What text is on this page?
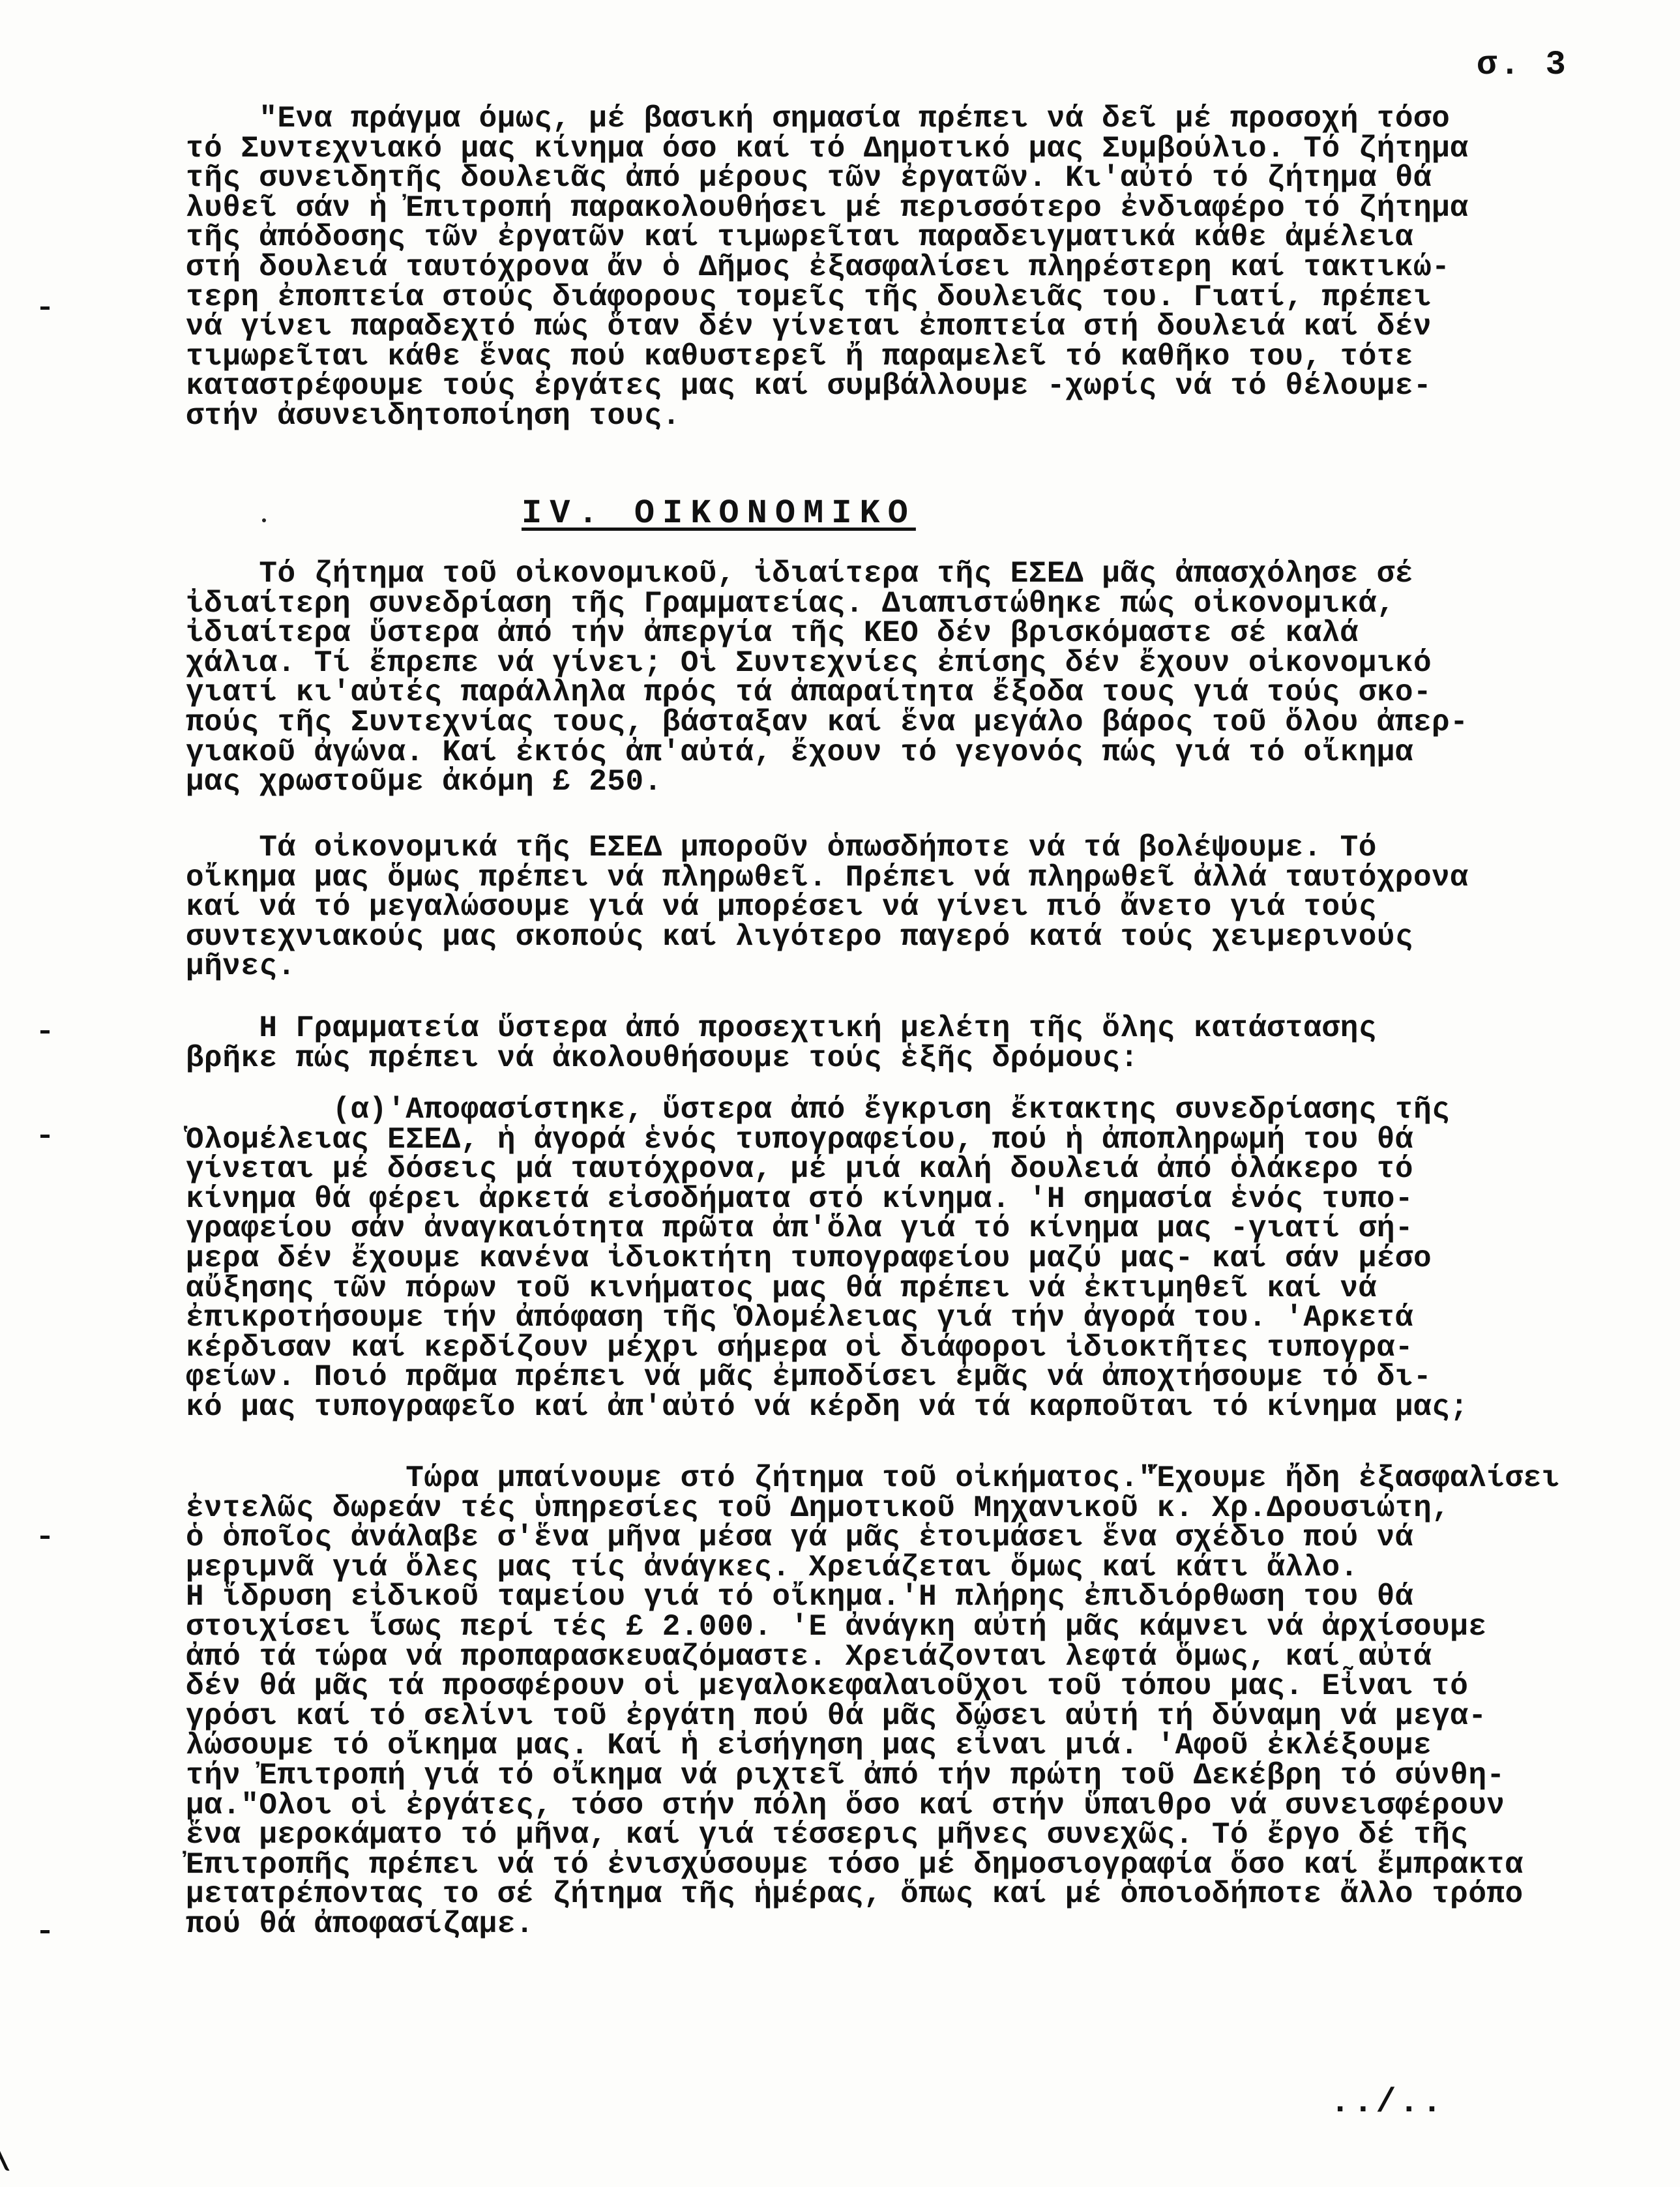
σ. 3
"Ενα πράγμα όμως, μέ βασική σημασία πρέπει νά δεῖ μέ προσοχή τόσο
τό Συντεχνιακό μας κίνημα όσο καί τό Δημοτικό μας Συμβούλιο. Τό ζήτημα
τῆς συνειδητῆς δουλειᾶς ἀπό μέρους τῶν ἐργατῶν. Κι'αὐτό τό ζήτημα θά
λυθεῖ σάν ἡ Ἐπιτροπή παρακολουθήσει μέ περισσότερο ἐνδιαφέρο τό ζήτημα
τῆς ἀπόδοσης τῶν ἐργατῶν καί τιμωρεῖται παραδειγματικά κάθε ἀμέλεια
στή δουλειά ταυτόχρονα ἄν ὁ Δῆμος ἐξασφαλίσει πληρέστερη καί τακτικώ-
τερη ἐποπτεία στούς διάφορους τομεῖς τῆς δουλειᾶς του. Γιατί, πρέπει
νά γίνει παραδεχτό πώς ὅταν δέν γίνεται ἐποπτεία στή δουλειά καί δέν
τιμωρεῖται κάθε ἕνας πού καθυστερεῖ ἤ παραμελεῖ τό καθῆκο του, τότε
καταστρέφουμε τούς ἐργάτες μας καί συμβάλλουμε -χωρίς νά τό θέλουμε-
στήν ἀσυνειδητοποίηση τους.
IV. ΟΙΚΟΝΟΜΙΚΟ
Τό ζήτημα τοῦ οἰκονομικοῦ, ἰδιαίτερα τῆς ΕΣΕΔ μᾶς ἀπασχόλησε σέ
ἰδιαίτερη συνεδρίαση τῆς Γραμματείας. Διαπιστώθηκε πώς οἰκονομικά,
ἰδιαίτερα ὕστερα ἀπό τήν ἀπεργία τῆς ΚΕΟ δέν βρισκόμαστε σέ καλά
χάλια. Τί ἔπρεπε νά γίνει; Οἱ Συντεχνίες ἐπίσης δέν ἔχουν οἰκονομικό
γιατί κι'αὐτές παράλληλα πρός τά ἀπαραίτητα ἔξοδα τους γιά τούς σκο-
πούς τῆς Συντεχνίας τους, βάσταξαν καί ἕνα μεγάλο βάρος τοῦ ὅλου ἀπερ-
γιακοῦ ἀγώνα. Καί ἐκτός ἀπ'αὐτά, ἔχουν τό γεγονός πώς γιά τό οἴκημα
μας χρωστοῦμε ἀκόμη £ 250.
Τά οἰκονομικά τῆς ΕΣΕΔ μποροῦν ὁπωσδήποτε νά τά βολέψουμε. Τό
οἴκημα μας ὅμως πρέπει νά πληρωθεῖ. Πρέπει νά πληρωθεῖ ἀλλά ταυτόχρονα
καί νά τό μεγαλώσουμε γιά νά μπορέσει νά γίνει πιό ἄνετο γιά τούς
συντεχνιακούς μας σκοπούς καί λιγότερο παγερό κατά τούς χειμερινούς
μῆνες.
Η Γραμματεία ὕστερα ἀπό προσεχτική μελέτη τῆς ὅλης κατάστασης
βρῆκε πώς πρέπει νά ἀκολουθήσουμε τούς ἑξῆς δρόμους:
(α)'Αποφασίστηκε, ὕστερα ἀπό ἔγκριση ἔκτακτης συνεδρίασης τῆς
Ὁλομέλειας ΕΣΕΔ, ἡ ἀγορά ἑνός τυπογραφείου, πού ἡ ἀποπληρωμή του θά
γίνεται μέ δόσεις μά ταυτόχρονα, μέ μιά καλή δουλειά ἀπό ὁλάκερο τό
κίνημα θά φέρει ἀρκετά εἰσοδήματα στό κίνημα. 'Η σημασία ἑνός τυπο-
γραφείου σάν ἀναγκαιότητα πρῶτα ἀπ'ὅλα γιά τό κίνημα μας -γιατί σή-
μερα δέν ἔχουμε κανένα ἰδιοκτήτη τυπογραφείου μαζύ μας- καί σάν μέσο
αὔξησης τῶν πόρων τοῦ κινήματος μας θά πρέπει νά ἐκτιμηθεῖ καί νά
ἐπικροτήσουμε τήν ἀπόφαση τῆς Ὁλομέλειας γιά τήν ἀγορά του. 'Αρκετά
κέρδισαν καί κερδίζουν μέχρι σήμερα οἱ διάφοροι ἰδιοκτῆτες τυπογρα-
φείων. Ποιό πρᾶμα πρέπει νά μᾶς ἐμποδίσει ἐμᾶς νά ἀποχτήσουμε τό δι-
κό μας τυπογραφεῖο καί ἀπ'αὐτό νά κέρδη νά τά καρποῦται τό κίνημα μας;
Τώρα μπαίνουμε στό ζήτημα τοῦ οἰκήματος."Ἔχουμε ἤδη ἐξασφαλίσει
ἐντελῶς δωρεάν τές ὑπηρεσίες τοῦ Δημοτικοῦ Μηχανικοῦ κ. Χρ.Δρουσιώτη,
ὁ ὁποῖος ἀνάλαβε σ'ἕνα μῆνα μέσα γά μᾶς ἑτοιμάσει ἕνα σχέδιο πού νά
μεριμνᾶ γιά ὅλες μας τίς ἀνάγκες. Χρειάζεται ὅμως καί κάτι ἄλλο.
Η ἵδρυση εἰδικοῦ ταμείου γιά τό οἴκημα.'Η πλήρης ἐπιδιόρθωση του θά
στοιχίσει ἴσως περί τές £ 2.000. 'Ε ἀνάγκη αὐτή μᾶς κάμνει νά ἀρχίσουμε
ἀπό τά τώρα νά προπαρασκευαζόμαστε. Χρειάζονται λεφτά ὅμως, καί αὐτά
δέν θά μᾶς τά προσφέρουν οἱ μεγαλοκεφαλαιοῦχοι τοῦ τόπου μας. Εἶναι τό
γρόσι καί τό σελίνι τοῦ ἐργάτη πού θά μᾶς δώσει αὐτή τή δύναμη νά μεγα-
λώσουμε τό οἴκημα μας. Καί ἡ εἰσήγηση μας εἶναι μιά. 'Αφοῦ ἐκλέξουμε
τήν Ἐπιτροπή γιά τό οἴκημα νά ριχτεῖ ἀπό τήν πρώτη τοῦ Δεκέβρη τό σύνθη-
μα."Ολοι οἱ ἐργάτες, τόσο στήν πόλη ὅσο καί στήν ὕπαιθρο νά συνεισφέρουν
ἕνα μεροκάματο τό μῆνα, καί γιά τέσσερις μῆνες συνεχῶς. Τό ἔργο δέ τῆς
Ἐπιτροπῆς πρέπει νά τό ἐνισχύσουμε τόσο μέ δημοσιογραφία ὅσο καί ἔμπρακτα
μετατρέποντας το σέ ζήτημα τῆς ἡμέρας, ὅπως καί μέ ὁποιοδήποτε ἄλλο τρόπο
πού θά ἀποφασίζαμε.
../..
